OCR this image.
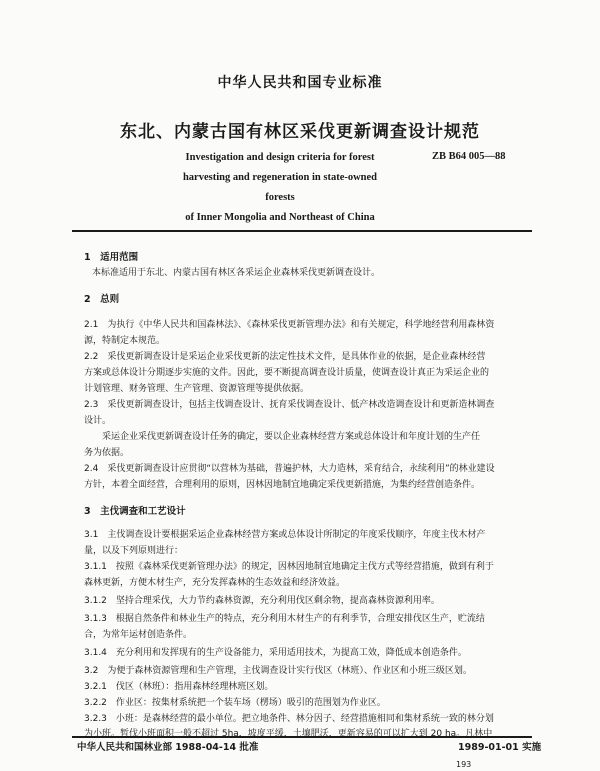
中华人民共和国专业标准
东北、内蒙古国有林区采伐更新调查设计规范
Investigation and design criteria for forest
harvesting and regeneration in state-owned forests
of Inner Mongolia and Northeast of China
ZB B64 005—88
1　适用范围
本标准适用于东北、内蒙古国有林区各采运企业森林采伐更新调查设计。
2　总则
2.1　为执行《中华人民共和国森林法》、《森林采伐更新管理办法》和有关规定，科学地经营利用森林资
源，特制定本规范。
2.2　采伐更新调查设计是采运企业采伐更新的法定性技术文件，是具体作业的依据，是企业森林经营
方案或总体设计分期逐步实施的文件。因此，要不断提高调查设计质量，使调查设计真正为采运企业的
计划管理、财务管理、生产管理、资源管理等提供依据。
2.3　采伐更新调查设计，包括主伐调查设计、抚育采伐调查设计、低产林改造调查设计和更新造林调查
设计。
　　采运企业采伐更新调查设计任务的确定，要以企业森林经营方案或总体设计和年度计划的生产任
务为依据。
2.4　采伐更新调查设计应贯彻“以营林为基础，普遍护林，大力造林，采育结合，永续利用”的林业建设
方针，本着全面经营，合理利用的原则，因林因地制宜地确定采伐更新措施，为集约经营创造条件。
3　主伐调查和工艺设计
3.1　主伐调查设计要根据采运企业森林经营方案或总体设计所制定的年度采伐顺序，年度主伐木材产
量，以及下列原则进行：
3.1.1　按照《森林采伐更新管理办法》的规定，因林因地制宜地确定主伐方式等经营措施，做到有利于
森林更新，方便木材生产，充分发挥森林的生态效益和经济效益。
3.1.2　坚持合理采伐，大力节约森林资源，充分利用伐区剩余物，提高森林资源利用率。
3.1.3　根据自然条件和林业生产的特点，充分利用木材生产的有利季节，合理安排伐区生产，贮流结
合，为常年运材创造条件。
3.1.4　充分利用和发挥现有的生产设备能力，采用适用技术，为提高工效，降低成本创造条件。
3.2　为便于森林资源管理和生产管理，主伐调查设计实行伐区（林班）、作业区和小班三级区划。
3.2.1　伐区（林班）：指用森林经理林班区划。
3.2.2　作业区：按集材系统把一个装车场（楞场）吸引的范围划为作业区。
3.2.3　小班：是森林经营的最小单位。把立地条件、林分因子、经营措施相同和集材系统一致的林分划
为小班。暂伐小班面积一般不超过 5ha，坡度平缓，土壤肥沃，更新容易的可以扩大到 20 ha。凡林中
中华人民共和国林业部 1988-04-14 批准	1989-01-01 实施
193
